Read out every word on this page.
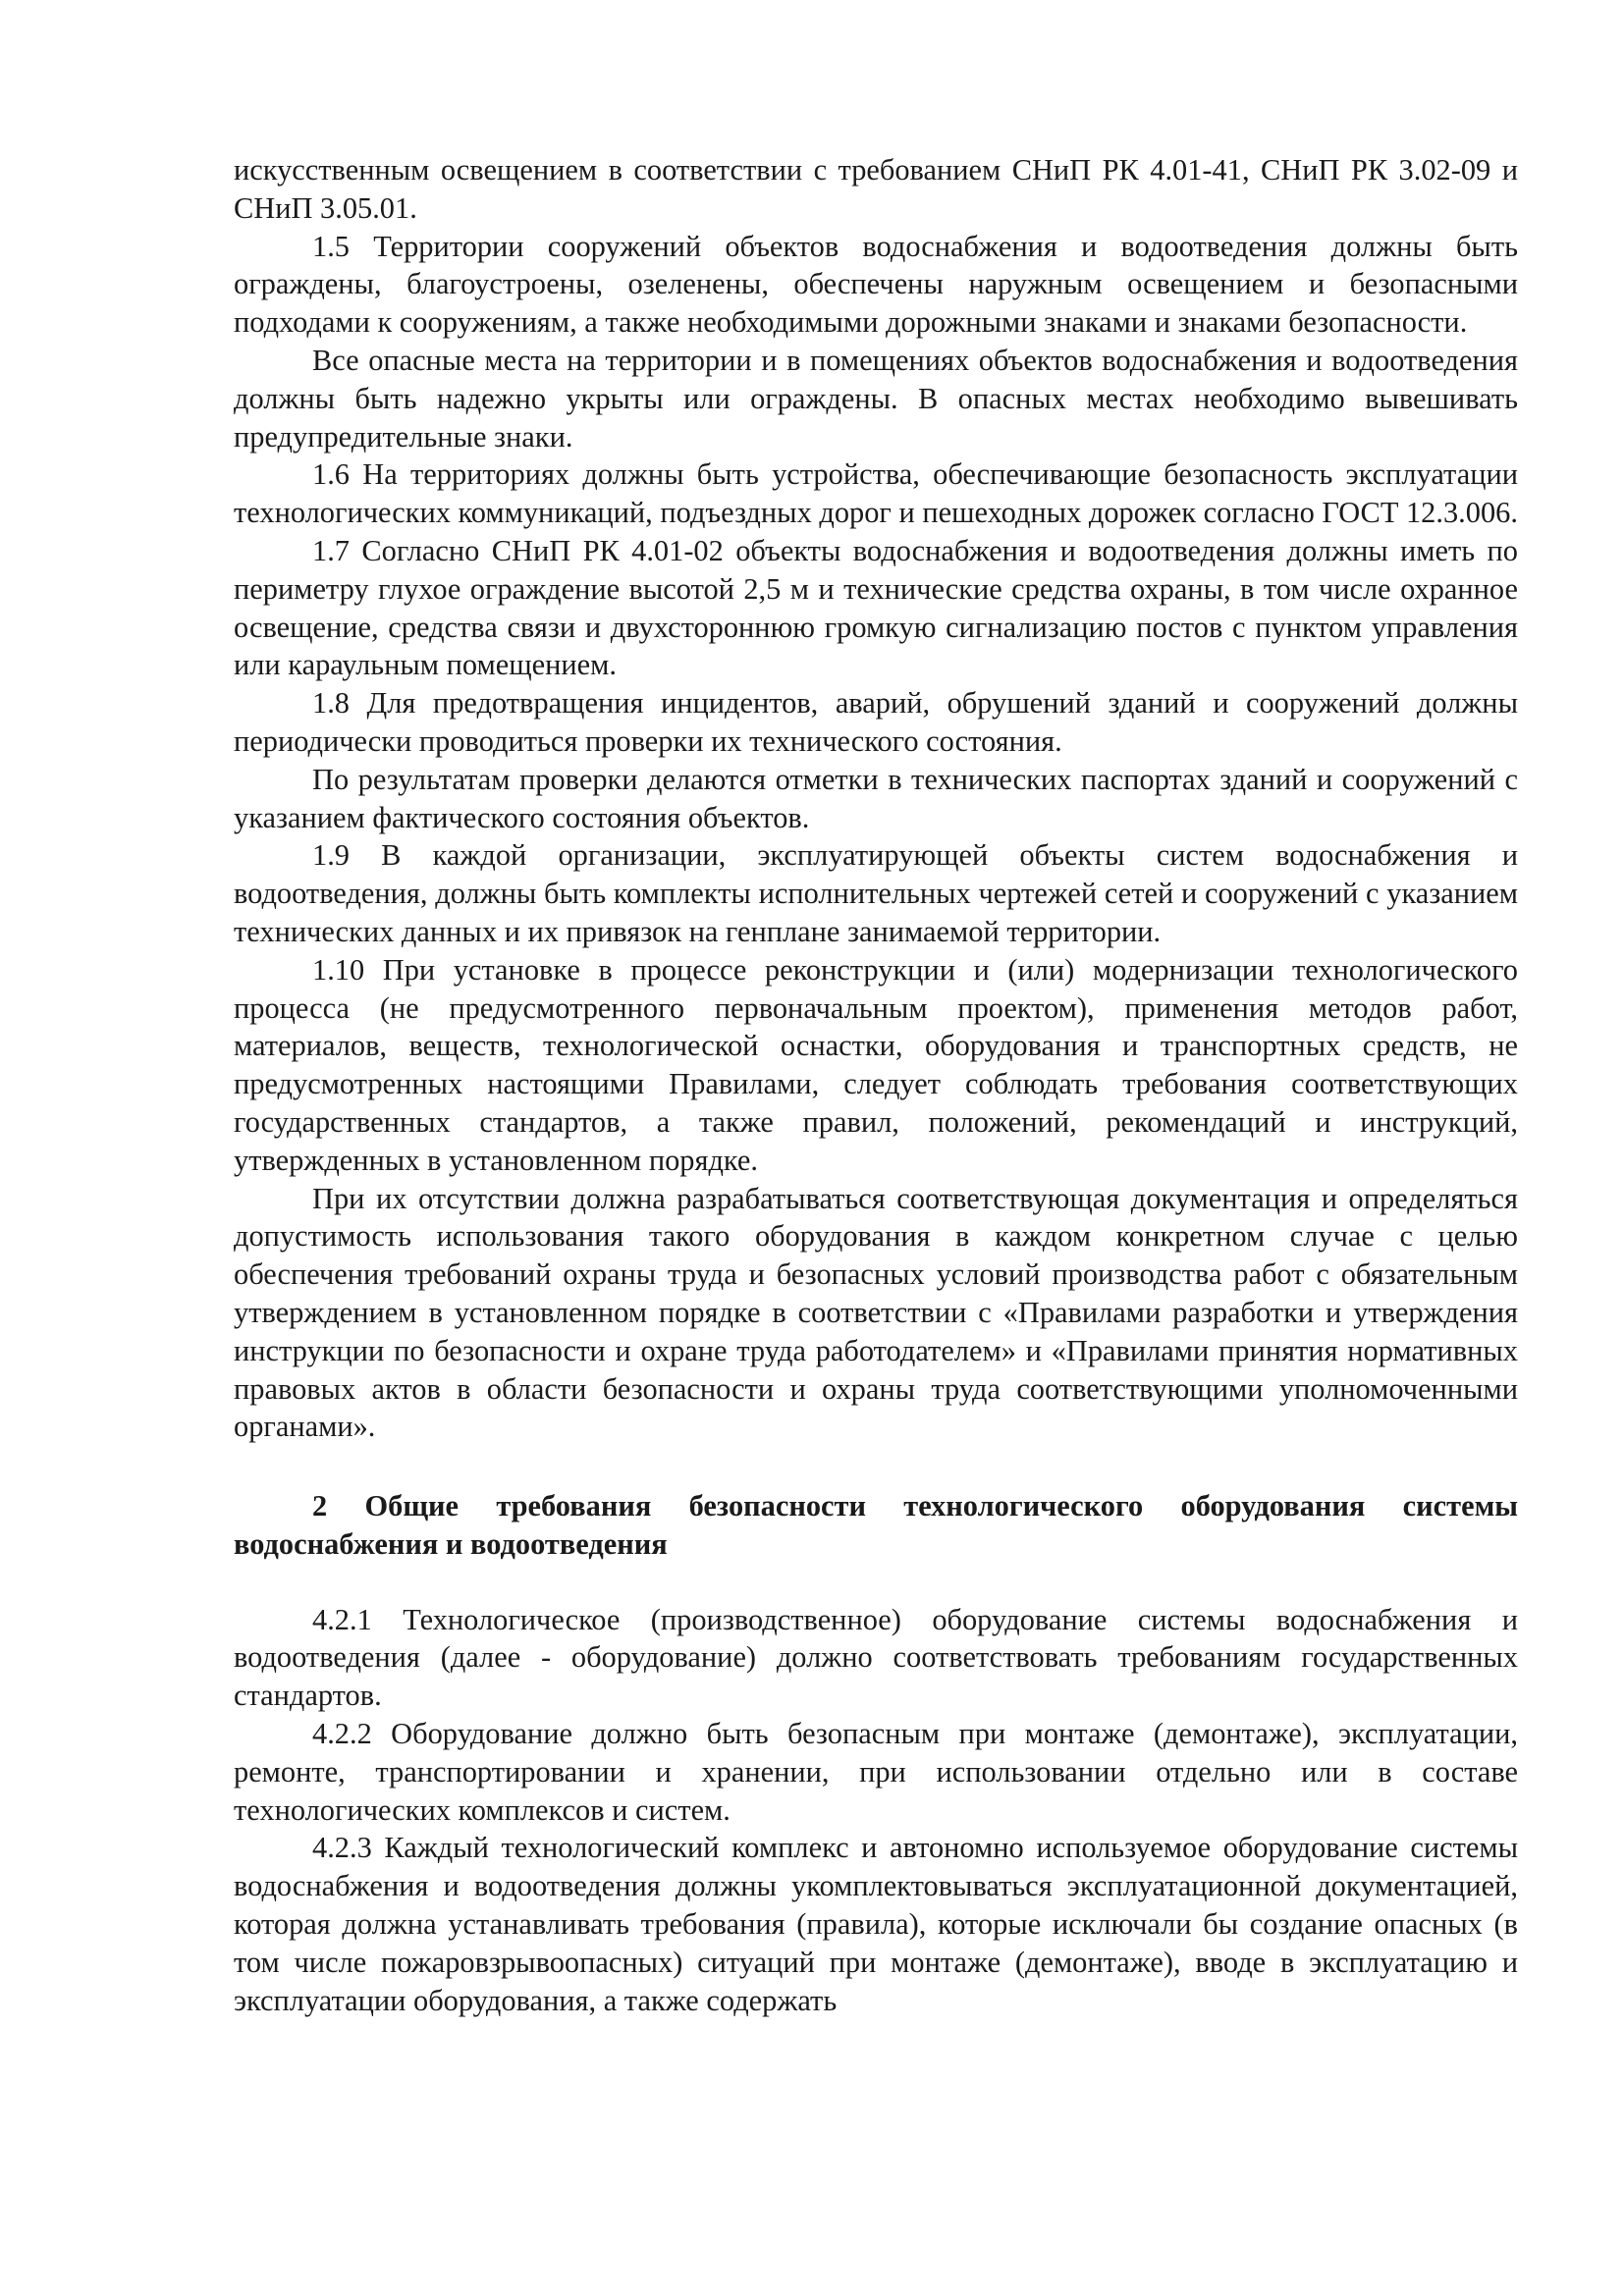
искусственным освещением в соответствии с требованием СНиП РК 4.01-41, СНиП РК 3.02-09 и СНиП 3.05.01.

1.5 Территории сооружений объектов водоснабжения и водоотведения должны быть ограждены, благоустроены, озеленены, обеспечены наружным освещением и безопасными подходами к сооружениям, а также необходимыми дорожными знаками и знаками безопасности.

Все опасные места на территории и в помещениях объектов водоснабжения и водоотведения должны быть надежно укрыты или ограждены. В опасных местах необходимо вывешивать предупредительные знаки.

1.6 На территориях должны быть устройства, обеспечивающие безопасность эксплуатации технологических коммуникаций, подъездных дорог и пешеходных дорожек согласно ГОСТ 12.3.006.

1.7 Согласно СНиП РК 4.01-02 объекты водоснабжения и водоотведения должны иметь по периметру глухое ограждение высотой 2,5 м и технические средства охраны, в том числе охранное освещение, средства связи и двухстороннюю громкую сигнализацию постов с пунктом управления или караульным помещением.

1.8 Для предотвращения инцидентов, аварий, обрушений зданий и сооружений должны периодически проводиться проверки их технического состояния.

По результатам проверки делаются отметки в технических паспортах зданий и сооружений с указанием фактического состояния объектов.

1.9 В каждой организации, эксплуатирующей объекты систем водоснабжения и водоотведения, должны быть комплекты исполнительных чертежей сетей и сооружений с указанием технических данных и их привязок на генплане занимаемой территории.

1.10 При установке в процессе реконструкции и (или) модернизации технологического процесса (не предусмотренного первоначальным проектом), применения методов работ, материалов, веществ, технологической оснастки, оборудования и транспортных средств, не предусмотренных настоящими Правилами, следует соблюдать требования соответствующих государственных стандартов, а также правил, положений, рекомендаций и инструкций, утвержденных в установленном порядке.

При их отсутствии должна разрабатываться соответствующая документация и определяться допустимость использования такого оборудования в каждом конкретном случае с целью обеспечения требований охраны труда и безопасных условий производства работ с обязательным утверждением в установленном порядке в соответствии с «Правилами разработки и утверждения инструкции по безопасности и охране труда работодателем» и «Правилами принятия нормативных правовых актов в области безопасности и охраны труда соответствующими уполномоченными органами».

2 Общие требования безопасности технологического оборудования системы водоснабжения и водоотведения

4.2.1 Технологическое (производственное) оборудование системы водоснабжения и водоотведения (далее - оборудование) должно соответствовать требованиям государственных стандартов.

4.2.2 Оборудование должно быть безопасным при монтаже (демонтаже), эксплуатации, ремонте, транспортировании и хранении, при использовании отдельно или в составе технологических комплексов и систем.

4.2.3 Каждый технологический комплекс и автономно используемое оборудование системы водоснабжения и водоотведения должны укомплектовываться эксплуатационной документацией, которая должна устанавливать требования (правила), которые исключали бы создание опасных (в том числе пожаровзрывоопасных) ситуаций при монтаже (демонтаже), вводе в эксплуатацию и эксплуатации оборудования, а также содержать
